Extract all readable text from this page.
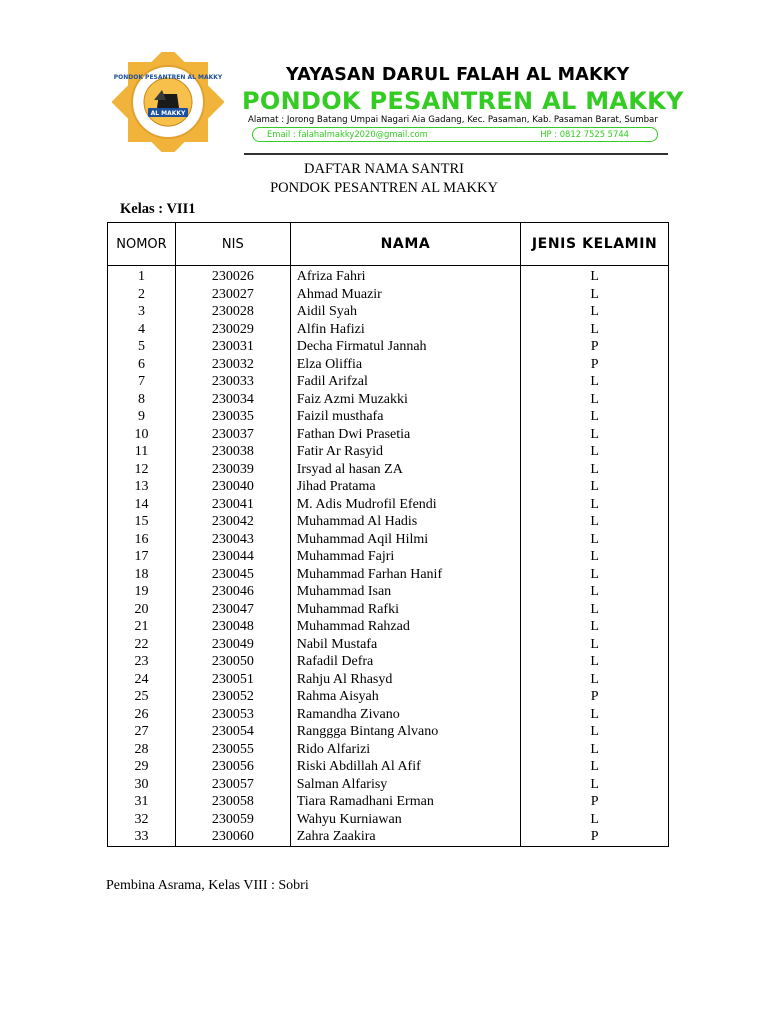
PONDOK PESANTREN AL MAKKY
AL MAKKY
YAYASAN DARUL FALAH AL MAKKY
PONDOK PESANTREN AL MAKKY
Alamat : Jorong Batang Umpai Nagari Aia Gadang, Kec. Pasaman, Kab. Pasaman Barat, Sumbar
Email : falahalmakky2020@gmail.com	HP : 0812 7525 5744
DAFTAR NAMA SANTRI
PONDOK PESANTREN AL MAKKY
Kelas : VII1
NOMOR	NIS	NAMA	JENIS KELAMIN
1	230026	Afriza Fahri	L
2	230027	Ahmad Muazir	L
3	230028	Aidil Syah	L
4	230029	Alfin Hafizi	L
5	230031	Decha Firmatul Jannah	P
6	230032	Elza Oliffia	P
7	230033	Fadil Arifzal	L
8	230034	Faiz Azmi Muzakki	L
9	230035	Faizil musthafa	L
10	230037	Fathan Dwi Prasetia	L
11	230038	Fatir Ar Rasyid	L
12	230039	Irsyad al hasan ZA	L
13	230040	Jihad Pratama	L
14	230041	M. Adis Mudrofil Efendi	L
15	230042	Muhammad Al Hadis	L
16	230043	Muhammad Aqil Hilmi	L
17	230044	Muhammad Fajri	L
18	230045	Muhammad Farhan Hanif	L
19	230046	Muhammad Isan	L
20	230047	Muhammad Rafki	L
21	230048	Muhammad Rahzad	L
22	230049	Nabil Mustafa	L
23	230050	Rafadil Defra	L
24	230051	Rahju Al Rhasyd	L
25	230052	Rahma Aisyah	P
26	230053	Ramandha Zivano	L
27	230054	Ranggga Bintang Alvano	L
28	230055	Rido Alfarizi	L
29	230056	Riski Abdillah Al Afif	L
30	230057	Salman Alfarisy	L
31	230058	Tiara Ramadhani Erman	P
32	230059	Wahyu Kurniawan	L
33	230060	Zahra Zaakira	P
Pembina Asrama, Kelas VIII : Sobri
